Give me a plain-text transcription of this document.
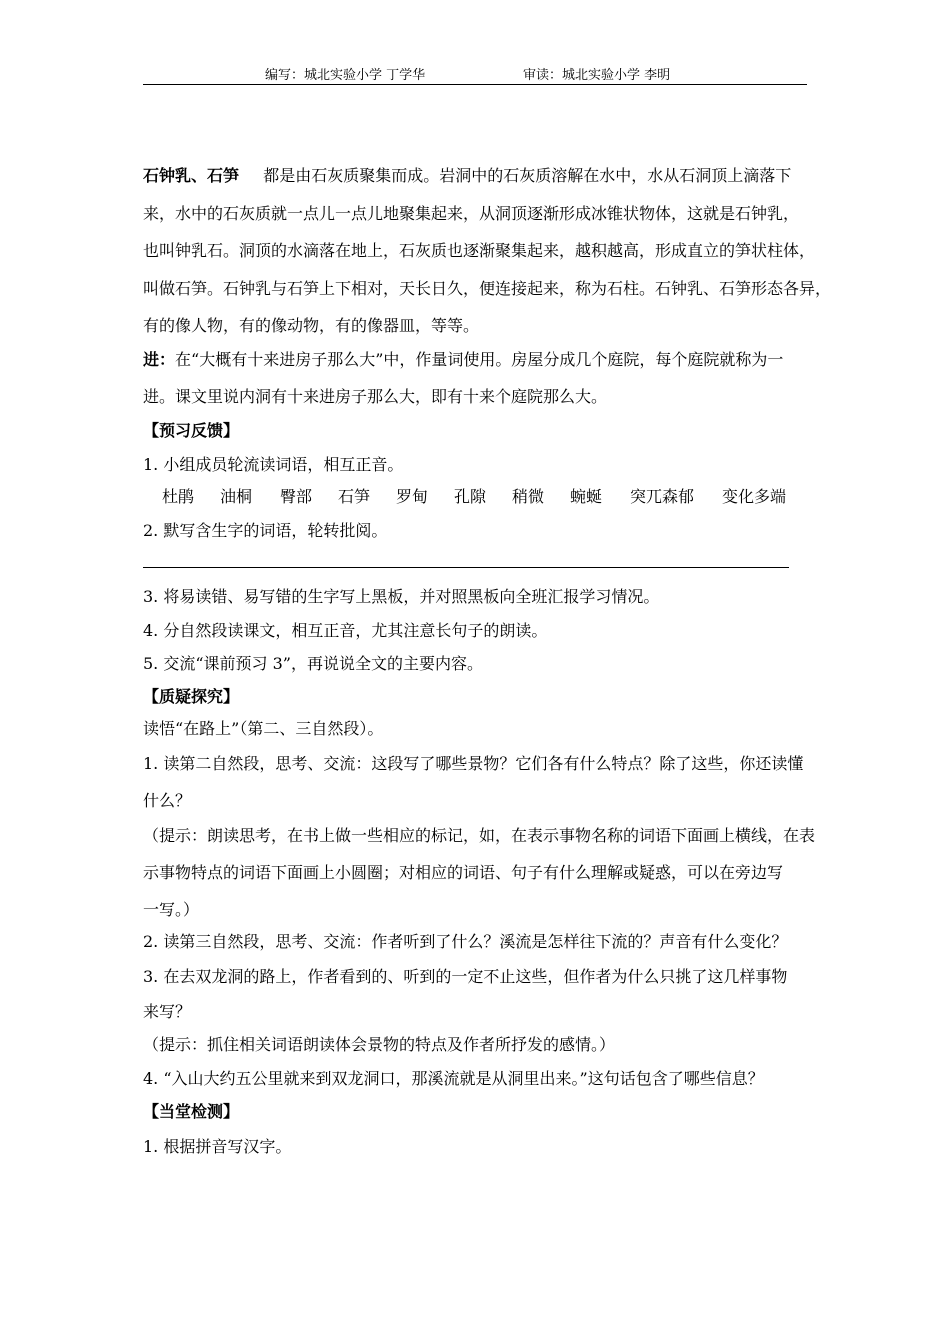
编写：城北实验小学 丁学华	审读：城北实验小学 李明
石钟乳、石笋 都是由石灰质聚集而成。岩洞中的石灰质溶解在水中，水从石洞顶上滴落下
来，水中的石灰质就一点儿一点儿地聚集起来，从洞顶逐渐形成冰锥状物体，这就是石钟乳，
也叫钟乳石。洞顶的水滴落在地上，石灰质也逐渐聚集起来，越积越高，形成直立的笋状柱体，
叫做石笋。石钟乳与石笋上下相对，天长日久，便连接起来，称为石柱。石钟乳、石笋形态各异，
有的像人物，有的像动物，有的像器皿，等等。
进：在“大概有十来进房子那么大”中，作量词使用。房屋分成几个庭院，每个庭院就称为一
进。课文里说内洞有十来进房子那么大，即有十来个庭院那么大。
【预习反馈】
1. 小组成员轮流读词语，相互正音。
杜鹃 油桐 臀部 石笋 罗甸 孔隙 稍微 蜿蜒 突兀森郁 变化多端
2. 默写含生字的词语，轮转批阅。
3. 将易读错、易写错的生字写上黑板，并对照黑板向全班汇报学习情况。
4. 分自然段读课文，相互正音，尤其注意长句子的朗读。
5. 交流“课前预习 3”，再说说全文的主要内容。
【质疑探究】
读悟“在路上”（第二、三自然段）。
1. 读第二自然段，思考、交流：这段写了哪些景物？它们各有什么特点？除了这些，你还读懂
什么？
（提示：朗读思考，在书上做一些相应的标记，如，在表示事物名称的词语下面画上横线，在表
示事物特点的词语下面画上小圆圈；对相应的词语、句子有什么理解或疑惑，可以在旁边写
一写。）
2. 读第三自然段，思考、交流：作者听到了什么？溪流是怎样往下流的？声音有什么变化？
3. 在去双龙洞的路上，作者看到的、听到的一定不止这些，但作者为什么只挑了这几样事物
来写？
（提示：抓住相关词语朗读体会景物的特点及作者所抒发的感情。）
4. “入山大约五公里就来到双龙洞口，那溪流就是从洞里出来。”这句话包含了哪些信息？
【当堂检测】
1. 根据拼音写汉字。
